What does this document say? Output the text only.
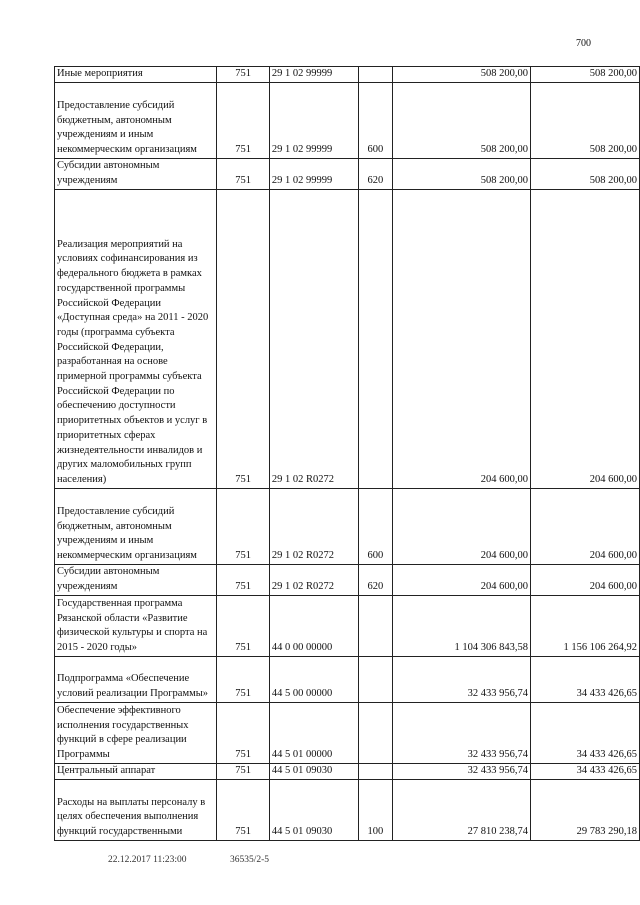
700
Иные мероприятия	751	29 1 02 99999		508 200,00	508 200,00
Предоставление субсидий бюджетным, автономным учреждениям и иным некоммерческим организациям	751	29 1 02 99999	600	508 200,00	508 200,00
Субсидии автономным учреждениям	751	29 1 02 99999	620	508 200,00	508 200,00
Реализация мероприятий на условиях софинансирования из федерального бюджета в рамках государственной программы Российской Федерации «Доступная среда» на 2011 - 2020 годы (программа субъекта Российской Федерации, разработанная на основе примерной программы субъекта Российской Федерации по обеспечению доступности приоритетных объектов и услуг в приоритетных сферах жизнедеятельности инвалидов и других маломобильных групп населения)	751	29 1 02 R0272		204 600,00	204 600,00
Предоставление субсидий бюджетным, автономным учреждениям и иным некоммерческим организациям	751	29 1 02 R0272	600	204 600,00	204 600,00
Субсидии автономным учреждениям	751	29 1 02 R0272	620	204 600,00	204 600,00
Государственная программа Рязанской области «Развитие физической культуры и спорта на 2015 - 2020 годы»	751	44 0 00 00000		1 104 306 843,58	1 156 106 264,92
Подпрограмма «Обеспечение условий реализации Программы»	751	44 5 00 00000		32 433 956,74	34 433 426,65
Обеспечение эффективного исполнения государственных функций в сфере реализации Программы	751	44 5 01 00000		32 433 956,74	34 433 426,65
Центральный аппарат	751	44 5 01 09030		32 433 956,74	34 433 426,65
Расходы на выплаты персоналу в целях обеспечения выполнения функций государственными	751	44 5 01 09030	100	27 810 238,74	29 783 290,18
22.12.2017 11:23:00	36535/2-5
